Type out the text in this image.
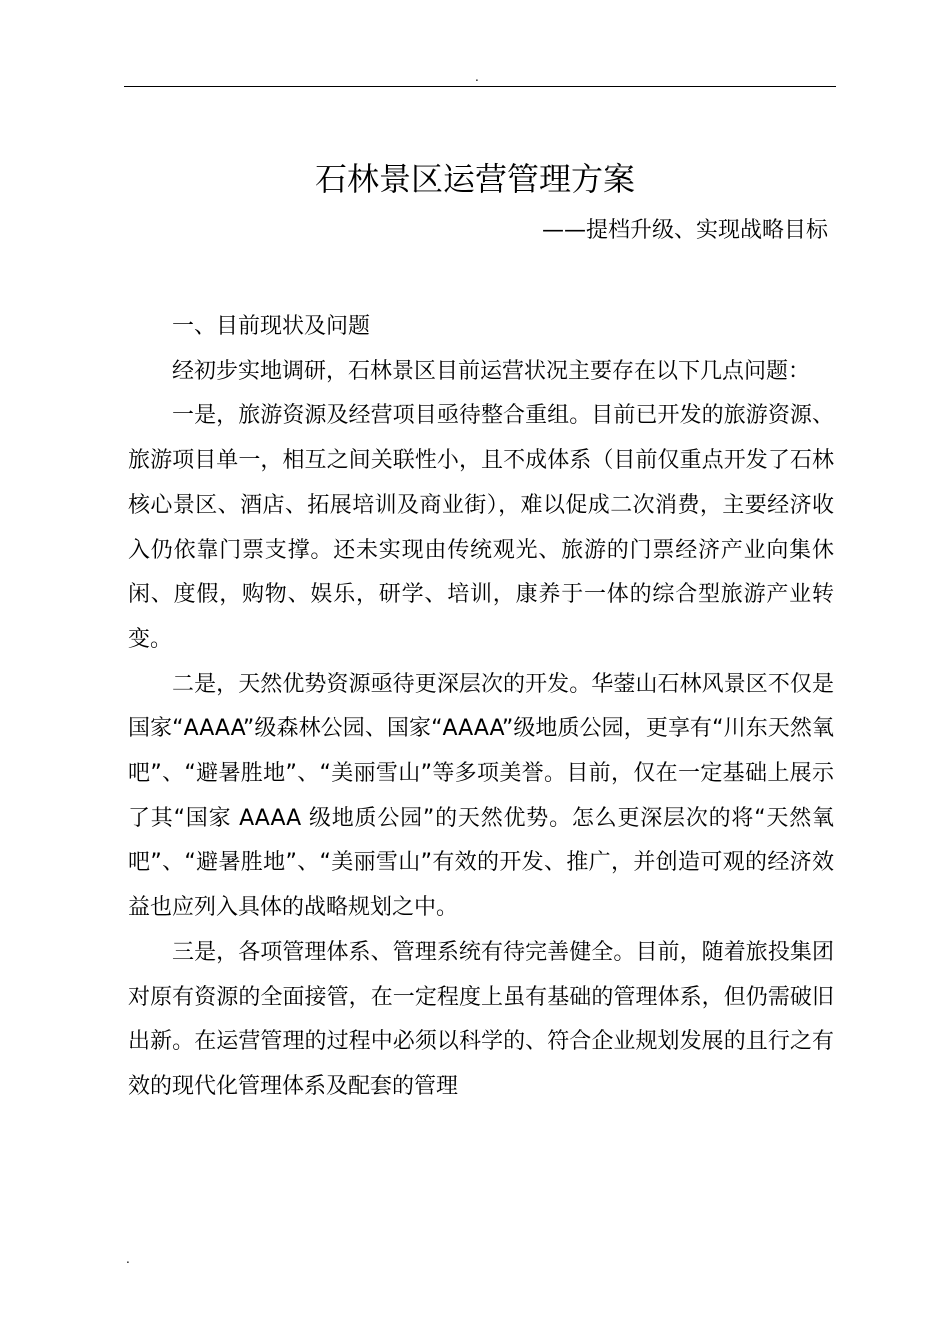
.
石林景区运营管理方案

——提档升级、实现战略目标

一、目前现状及问题

经初步实地调研，石林景区目前运营状况主要存在以下几点问题：

一是，旅游资源及经营项目亟待整合重组。目前已开发的旅游资源、旅游项目单一，相互之间关联性小，且不成体系（目前仅重点开发了石林核心景区、酒店、拓展培训及商业街），难以促成二次消费，主要经济收入仍依靠门票支撑。还未实现由传统观光、旅游的门票经济产业向集休闲、度假，购物、娱乐，研学、培训，康养于一体的综合型旅游产业转变。

二是，天然优势资源亟待更深层次的开发。华蓥山石林风景区不仅是国家“AAAA”级森林公园、国家“AAAA”级地质公园，更享有“川东天然氧吧”、“避暑胜地”、“美丽雪山”等多项美誉。目前，仅在一定基础上展示了其“国家 AAAA 级地质公园”的天然优势。怎么更深层次的将“天然氧吧”、“避暑胜地”、“美丽雪山”有效的开发、推广，并创造可观的经济效益也应列入具体的战略规划之中。

三是，各项管理体系、管理系统有待完善健全。目前，随着旅投集团对原有资源的全面接管，在一定程度上虽有基础的管理体系，但仍需破旧出新。在运营管理的过程中必须以科学的、符合企业规划发展的且行之有效的现代化管理体系及配套的管理

.
